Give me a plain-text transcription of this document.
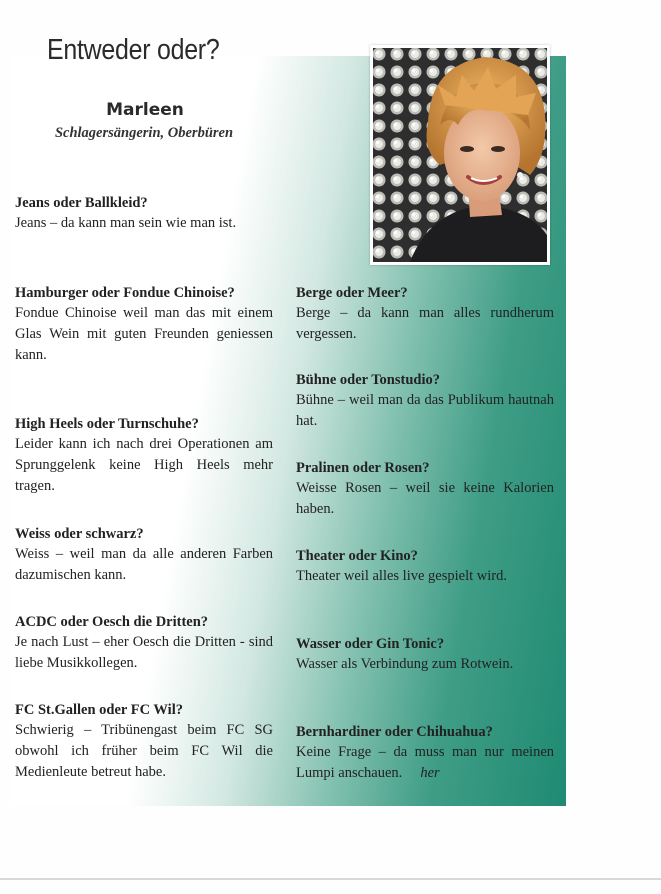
Entweder oder?
Marleen
Schlagersängerin, Oberbüren
Jeans oder Ballkleid?
Jeans – da kann man sein wie man ist.
Hamburger oder Fondue Chinoise?
Fondue Chinoise weil man das mit einem Glas Wein mit guten Freunden geniessen kann.
High Heels oder Turnschuhe?
Leider kann ich nach drei Operationen am Sprunggelenk keine High Heels mehr tragen.
Weiss oder schwarz?
Weiss – weil man da alle anderen Farben dazumischen kann.
ACDC oder Oesch die Dritten?
Je nach Lust – eher Oesch die Dritten - sind liebe Musikkollegen.
FC St.Gallen oder FC Wil?
Schwierig – Tribünengast beim FC SG obwohl ich früher beim FC Wil die Medienleute betreut habe.
Berge oder Meer?
Berge – da kann man alles rundherum vergessen.
Bühne oder Tonstudio?
Bühne – weil man da das Publikum hautnah hat.
Pralinen oder Rosen?
Weisse Rosen – weil sie keine Kalorien haben.
Theater oder Kino?
Theater weil alles live gespielt wird.
Wasser oder Gin Tonic?
Wasser als Verbindung zum Rotwein.
Bernhardiner oder Chihuahua?
Keine Frage – da muss man nur meinen Lumpi anschauen. her
